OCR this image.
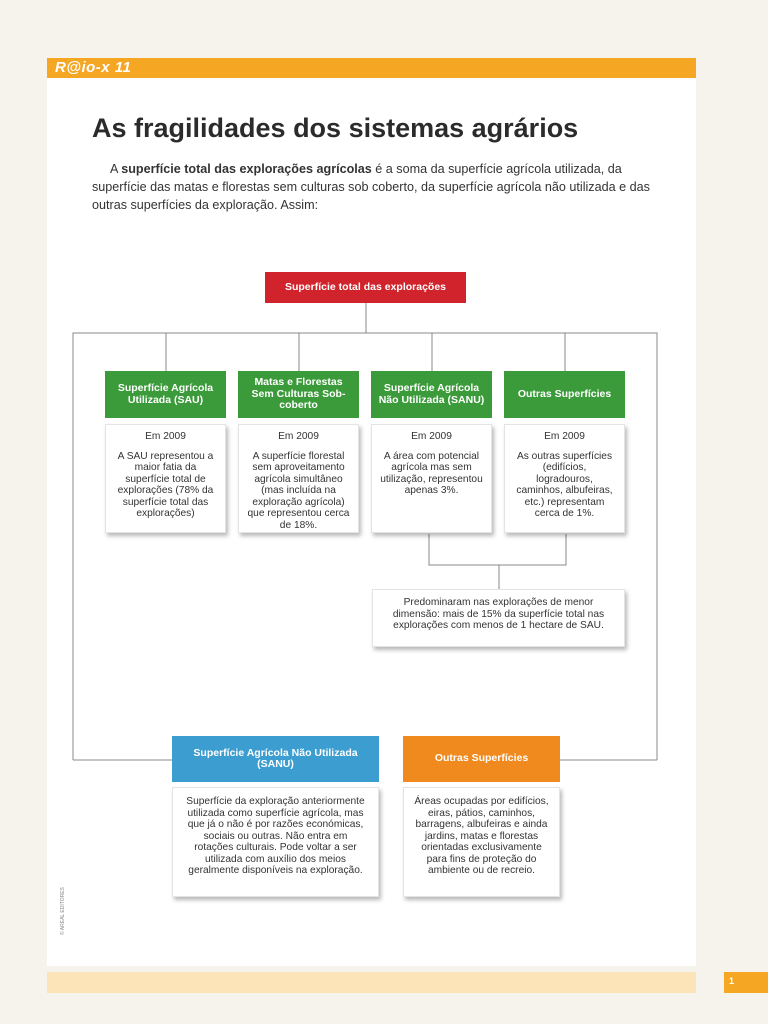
R@io-x 11
As fragilidades dos sistemas agrários

A superfície total das explorações agrícolas é a soma da superfície agrícola utilizada, da superfície das matas e florestas sem culturas sob coberto, da superfície agrícola não utilizada e das outras superfícies da exploração. Assim:

Superfície total das explorações
Superfície Agrícola Utilizada (SAU)
Em 2009
A SAU representou a maior fatia da superfície total de explorações (78% da superfície total das explorações)
Matas e Florestas Sem Culturas Sob-coberto
Em 2009
A superfície florestal sem aproveitamento agrícola simultâneo (mas incluída na exploração agrícola) que representou cerca de 18%.
Superfície Agrícola Não Utilizada (SANU)
Em 2009
A área com potencial agrícola mas sem utilização, representou apenas 3%.
Outras Superfícies
Em 2009
As outras superfícies (edifícios, logradouros, caminhos, albufeiras, etc.) representam cerca de 1%.
Predominaram nas explorações de menor dimensão: mais de 15% da superfície total nas explorações com menos de 1 hectare de SAU.
Superfície Agrícola Não Utilizada (SANU)
Superfície da exploração anteriormente utilizada como superfície agrícola, mas que já o não é por razões económicas, sociais ou outras. Não entra em rotações culturais. Pode voltar a ser utilizada com auxílio dos meios geralmente disponíveis na exploração.
Outras Superfícies
Áreas ocupadas por edifícios, eiras, pátios, caminhos, barragens, albufeiras e ainda jardins, matas e florestas orientadas exclusivamente para fins de proteção do ambiente ou de recreio.
© AREAL EDITORES
1
